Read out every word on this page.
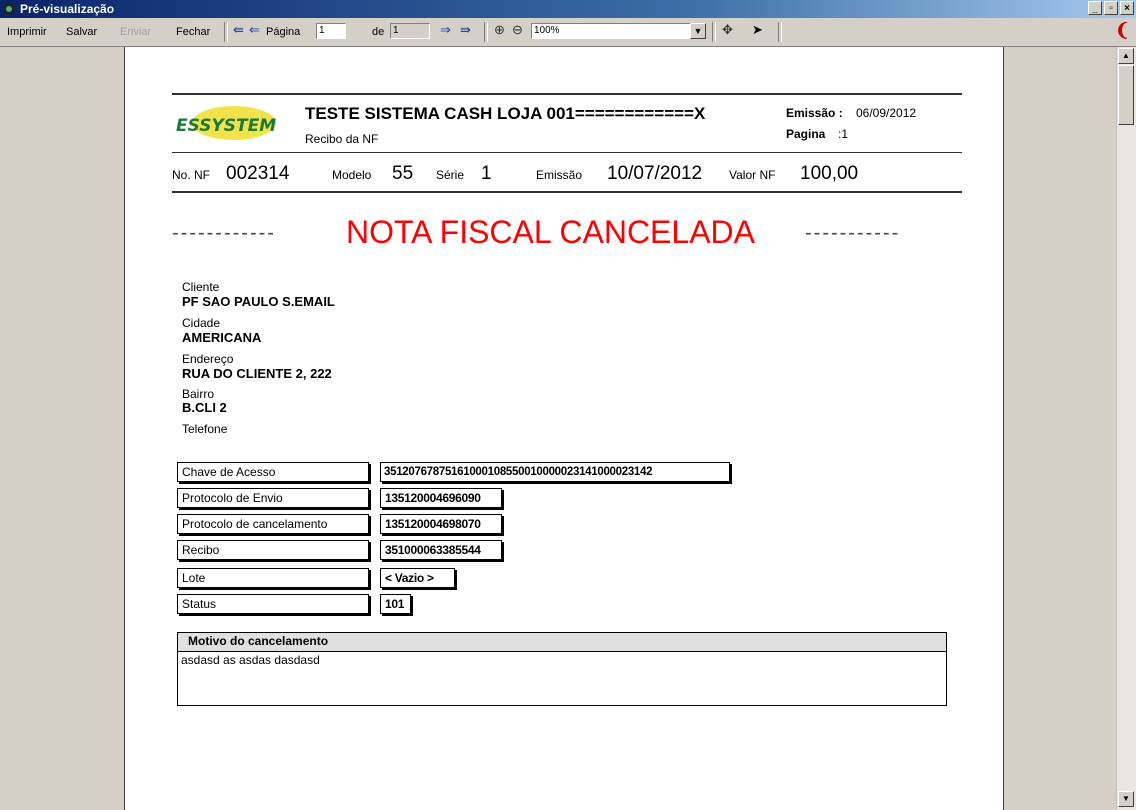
Pré-visualização	_	▫	×
Imprimir Salvar Enviar Fechar ⇚ ⇐ Página	1	de 1	⇒ ⇛ ⊕ ⊖	100%	▼ ✥ ➤	❨
▲
▼
ESSYSTEM
TESTE SISTEMA CASH LOJA 001============X
Recibo da NF
Emissão : 06/09/2012
Pagina :1
No. NF 002314	Modelo 55 Série 1	Emissão 10/07/2012 Valor NF 100,00
------------ NOTA FISCAL CANCELADA	-----------
Cliente
PF SAO PAULO S.EMAIL
Cidade
AMERICANA
Endereço
RUA DO CLIENTE 2, 222
Bairro
B.CLI 2
Telefone
Chave de Acesso	35120767875161000108550010000023141000023142
Protocolo de Envio	135120004696090
Protocolo de cancelamento	135120004698070
Recibo	351000063385544
Lote	< Vazio >
Status	101
Motivo do cancelamento
asdasd as asdas dasdasd
